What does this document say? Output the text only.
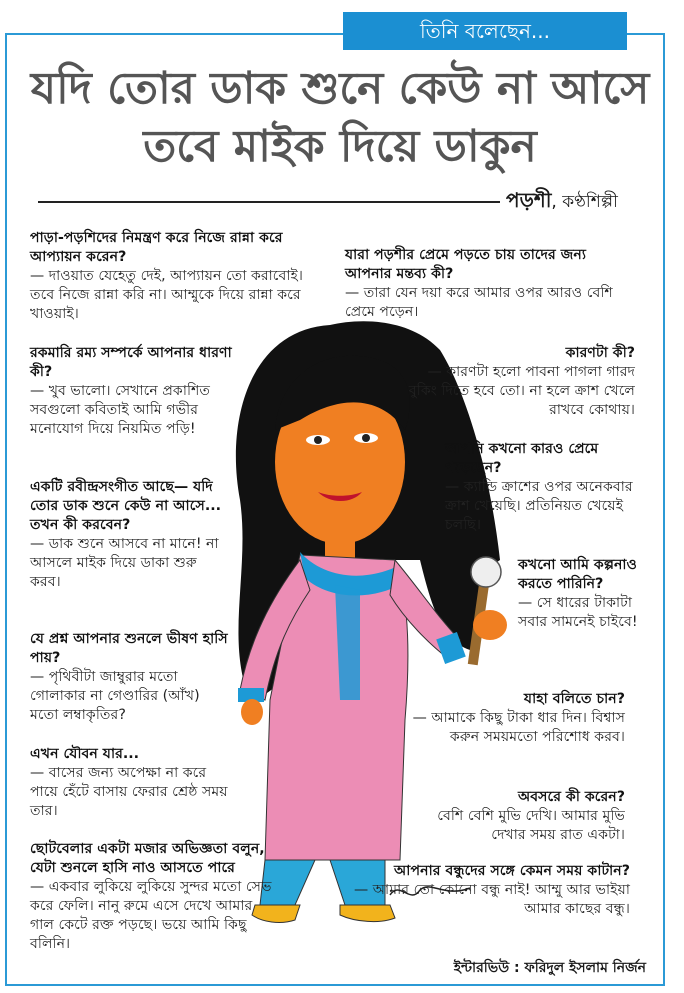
তিনি বলেছেন...
যদি তোর ডাক শুনে কেউ না আসে
তবে মাইক দিয়ে ডাকুন
পড়শী, কণ্ঠশিল্পী
পাড়া-পড়শিদের নিমন্ত্রণ করে নিজে রান্না করে আপ্যায়ন করেন?
— দাওয়াত যেহেতু দেই, আপ্যায়ন তো করাবোই। তবে নিজে রান্না করি না। আম্মুকে দিয়ে রান্না করে খাওয়াই।
রকমারি রম্য সম্পর্কে আপনার ধারণা কী?
— খুব ভালো। সেখানে প্রকাশিত সবগুলো কবিতাই আমি গভীর মনোযোগ দিয়ে নিয়মিত পড়ি!
একটি রবীন্দ্রসংগীত আছে— যদি তোর ডাক শুনে কেউ না আসে... তখন কী করবেন?
— ডাক শুনে আসবে না মানে! না আসলে মাইক দিয়ে ডাকা শুরু করব।
যে প্রশ্ন আপনার শুনলে ভীষণ হাসি পায়?
— পৃথিবীটা জাম্বুরার মতো গোলাকার না গেণ্ডারির (আঁখ) মতো লম্বাকৃতির?
এখন যৌবন যার...
— বাসের জন্য অপেক্ষা না করে পায়ে হেঁটে বাসায় ফেরার শ্রেষ্ঠ সময় তার।
ছোটবেলার একটা মজার অভিজ্ঞতা বলুন, যেটা শুনলে হাসি নাও আসতে পারে
— একবার লুকিয়ে লুকিয়ে সুন্দর মতো সেভ করে ফেলি। নানু রুমে এসে দেখে আমার গাল কেটে রক্ত পড়ছে। ভয়ে আমি কিছু বলিনি।
যারা পড়শীর প্রেমে পড়তে চায় তাদের জন্য আপনার মন্তব্য কী?
— তারা যেন দয়া করে আমার ওপর আরও বেশি প্রেমে পড়েন।
কারণটা কী?
— কারণটা হলো পাবনা পাগলা গারদ বুকিং দিতে হবে তো। না হলে ক্রাশ খেলে রাখবে কোথায়।
আপনি কখনো কারও প্রেমে পড়েছেন?
— ক্যান্ডি ক্রাশের ওপর অনেকবার ক্রাশ খেয়েছি। প্রতিনিয়ত খেয়েই চলছি।
কখনো আমি কল্পনাও করতে পারিনি?
— সে ধারের টাকাটা সবার সামনেই চাইবে!
যাহা বলিতে চান?
— আমাকে কিছু টাকা ধার দিন। বিশ্বাস করুন সময়মতো পরিশোধ করব।
অবসরে কী করেন?
বেশি বেশি মুভি দেখি। আমার মুভি দেখার সময় রাত একটা।
আপনার বন্ধুদের সঙ্গে কেমন সময় কাটান?
— আমার তো কোনো বন্ধু নাই! আম্মু আর ভাইয়া আমার কাছের বন্ধু।
ইন্টারভিউ : ফরিদুল ইসলাম নির্জন
